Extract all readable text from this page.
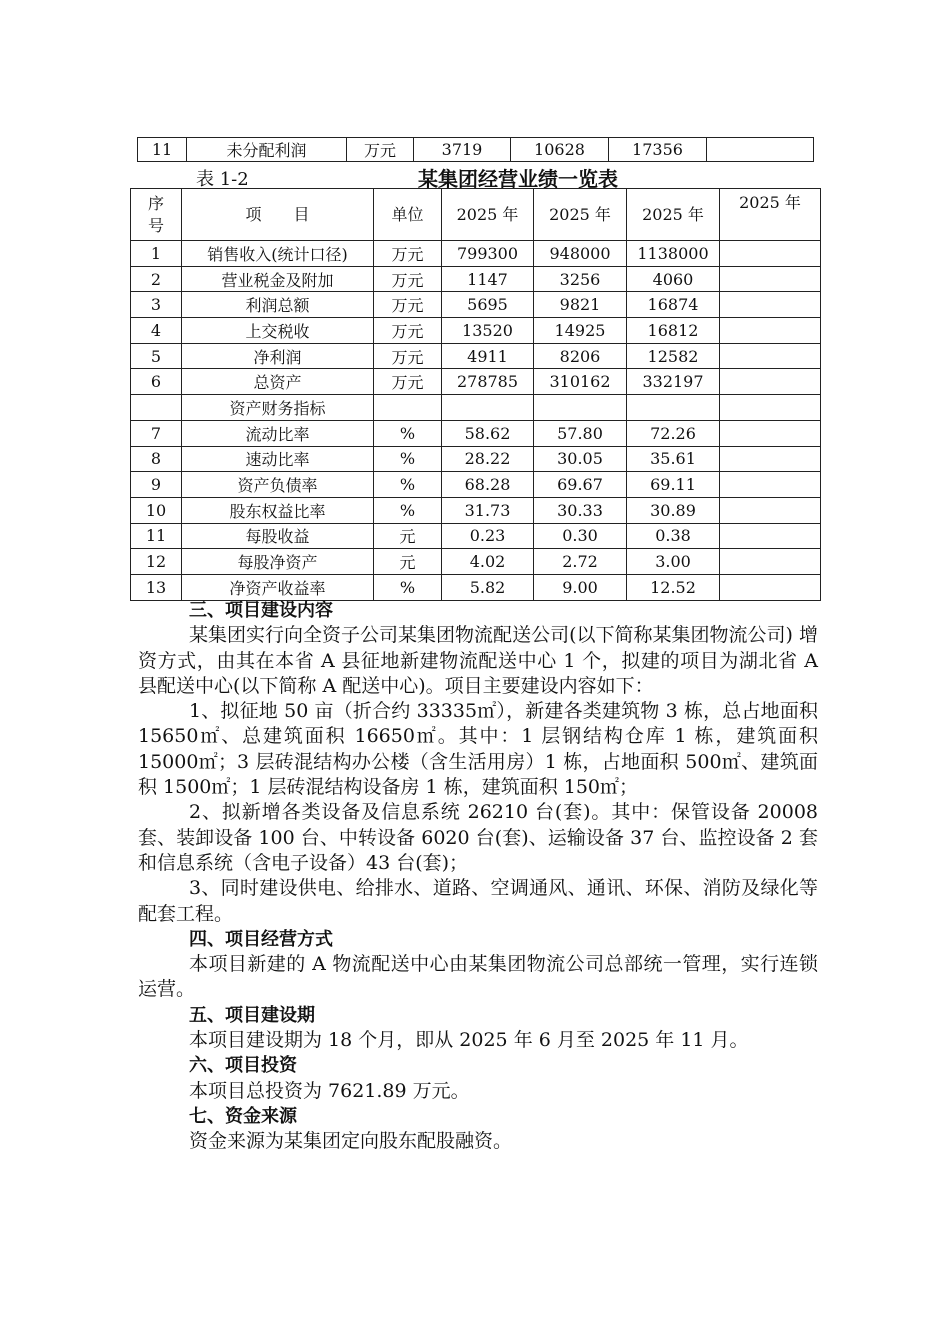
11	未分配利润	万元	3719	10628	17356	
表 1-2	某集团经营业绩一览表
序号	项　　目	单位	2025 年	2025 年	2025 年	2025 年
1	销售收入(统计口径)	万元	799300	948000	1138000	
2	营业税金及附加	万元	1147	3256	4060	
3	利润总额	万元	5695	9821	16874	
4	上交税收	万元	13520	14925	16812	
5	净利润	万元	4911	8206	12582	
6	总资产	万元	278785	310162	332197	
	资产财务指标					
7	流动比率	%	58.62	57.80	72.26	
8	速动比率	%	28.22	30.05	35.61	
9	资产负债率	%	68.28	69.67	69.11	
10	股东权益比率	%	31.73	30.33	30.89	
11	每股收益	元	0.23	0.30	0.38	
12	每股净资产	元	4.02	2.72	3.00	
13	净资产收益率	%	5.82	9.00	12.52	

三、项目建设内容

某集团实行向全资子公司某集团物流配送公司(以下简称某集团物流公司) 增资方式，由其在本省 A 县征地新建物流配送中心 1 个，拟建的项目为湖北省 A 县配送中心(以下简称 A 配送中心)。项目主要建设内容如下：

1、拟征地 50 亩（折合约 33335㎡），新建各类建筑物 3 栋，总占地面积 15650㎡、总建筑面积 16650㎡。其中：1 层钢结构仓库 1 栋，建筑面积 15000㎡；3 层砖混结构办公楼（含生活用房）1 栋，占地面积 500㎡、建筑面积 1500㎡；1 层砖混结构设备房 1 栋，建筑面积 150㎡；

2、拟新增各类设备及信息系统 26210 台(套)。其中：保管设备 20008 套、装卸设备 100 台、中转设备 6020 台(套)、运输设备 37 台、监控设备 2 套和信息系统（含电子设备）43 台(套)；

3、同时建设供电、给排水、道路、空调通风、通讯、环保、消防及绿化等配套工程。

四、项目经营方式

本项目新建的 A 物流配送中心由某集团物流公司总部统一管理，实行连锁运营。

五、项目建设期

本项目建设期为 18 个月，即从 2025 年 6 月至 2025 年 11 月。

六、项目投资

本项目总投资为 7621.89 万元。

七、资金来源

资金来源为某集团定向股东配股融资。
